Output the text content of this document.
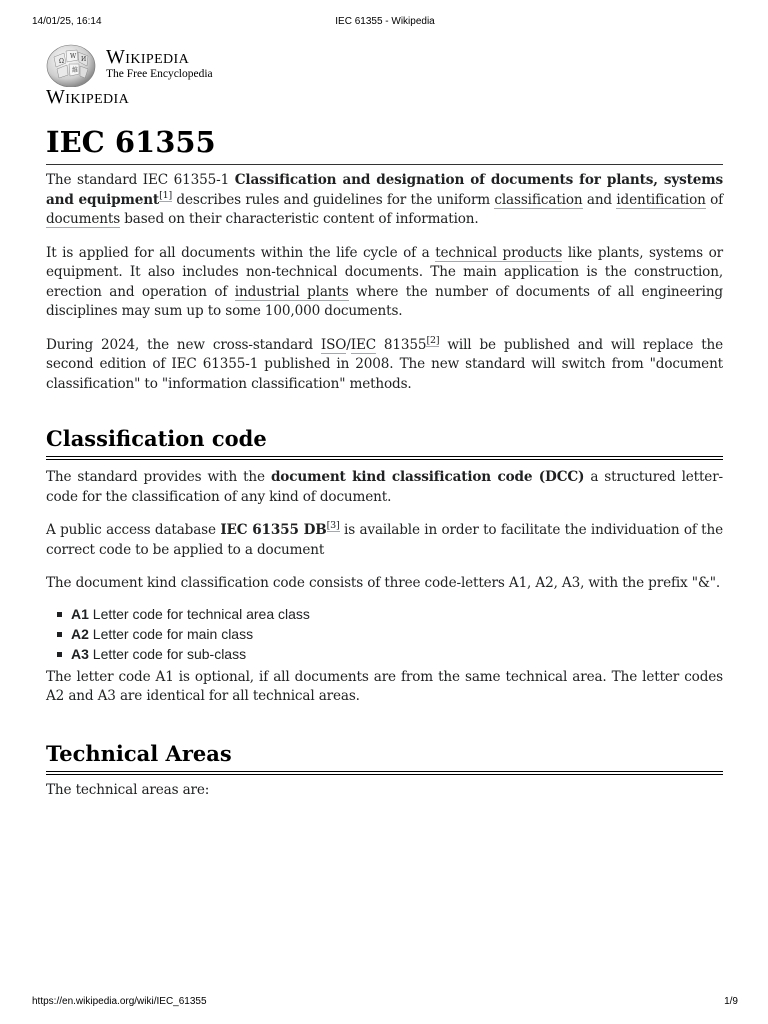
14/01/25, 16:14	IEC 61355 - Wikipedia
Ω
W И
維
Wikipedia
The Free Encyclopedia
Wikipedia
IEC 61355

The standard IEC 61355-1 Classification and designation of documents for plants, systems and equipment[1] describes rules and guidelines for the uniform classification and identification of documents based on their characteristic content of information.

It is applied for all documents within the life cycle of a technical products like plants, systems or equipment. It also includes non-technical documents. The main application is the construction, erection and operation of industrial plants where the number of documents of all engineering disciplines may sum up to some 100,000 documents.

During 2024, the new cross-standard ISO/IEC 81355[2] will be published and will replace the second edition of IEC 61355-1 published in 2008. The new standard will switch from "document classification" to "information classification" methods.

Classification code

The standard provides with the document kind classification code (DCC) a structured letter-code for the classification of any kind of document.

A public access database IEC 61355 DB[3] is available in order to facilitate the individuation of the correct code to be applied to a document

The document kind classification code consists of three code-letters A1, A2, A3, with the prefix "&".

A1 Letter code for technical area class
A2 Letter code for main class
A3 Letter code for sub-class

The letter code A1 is optional, if all documents are from the same technical area. The letter codes A2 and A3 are identical for all technical areas.

Technical Areas

The technical areas are:

https://en.wikipedia.org/wiki/IEC_61355	1/9
